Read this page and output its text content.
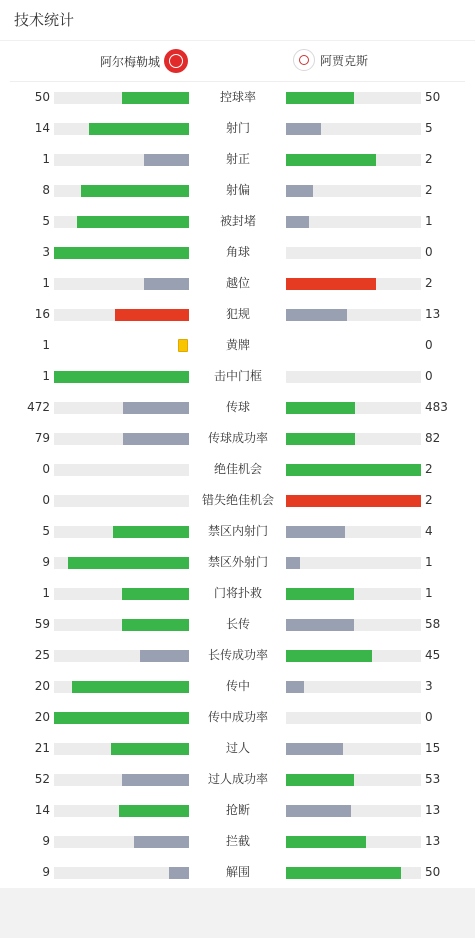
技术统计
阿尔梅勒城	阿贾克斯
50	控球率	50
14	射门	5
1	射正	2
8	射偏	2
5	被封堵	1
3	角球	0
1	越位	2
16	犯规	13
1	黄牌	0
1	击中门框	0
472	传球	483
79	传球成功率	82
0	绝佳机会	2
0	错失绝佳机会	2
5	禁区内射门	4
9	禁区外射门	1
1	门将扑救	1
59	长传	58
25	长传成功率	45
20	传中	3
20	传中成功率	0
21	过人	15
52	过人成功率	53
14	抢断	13
9	拦截	13
9	解围	50
